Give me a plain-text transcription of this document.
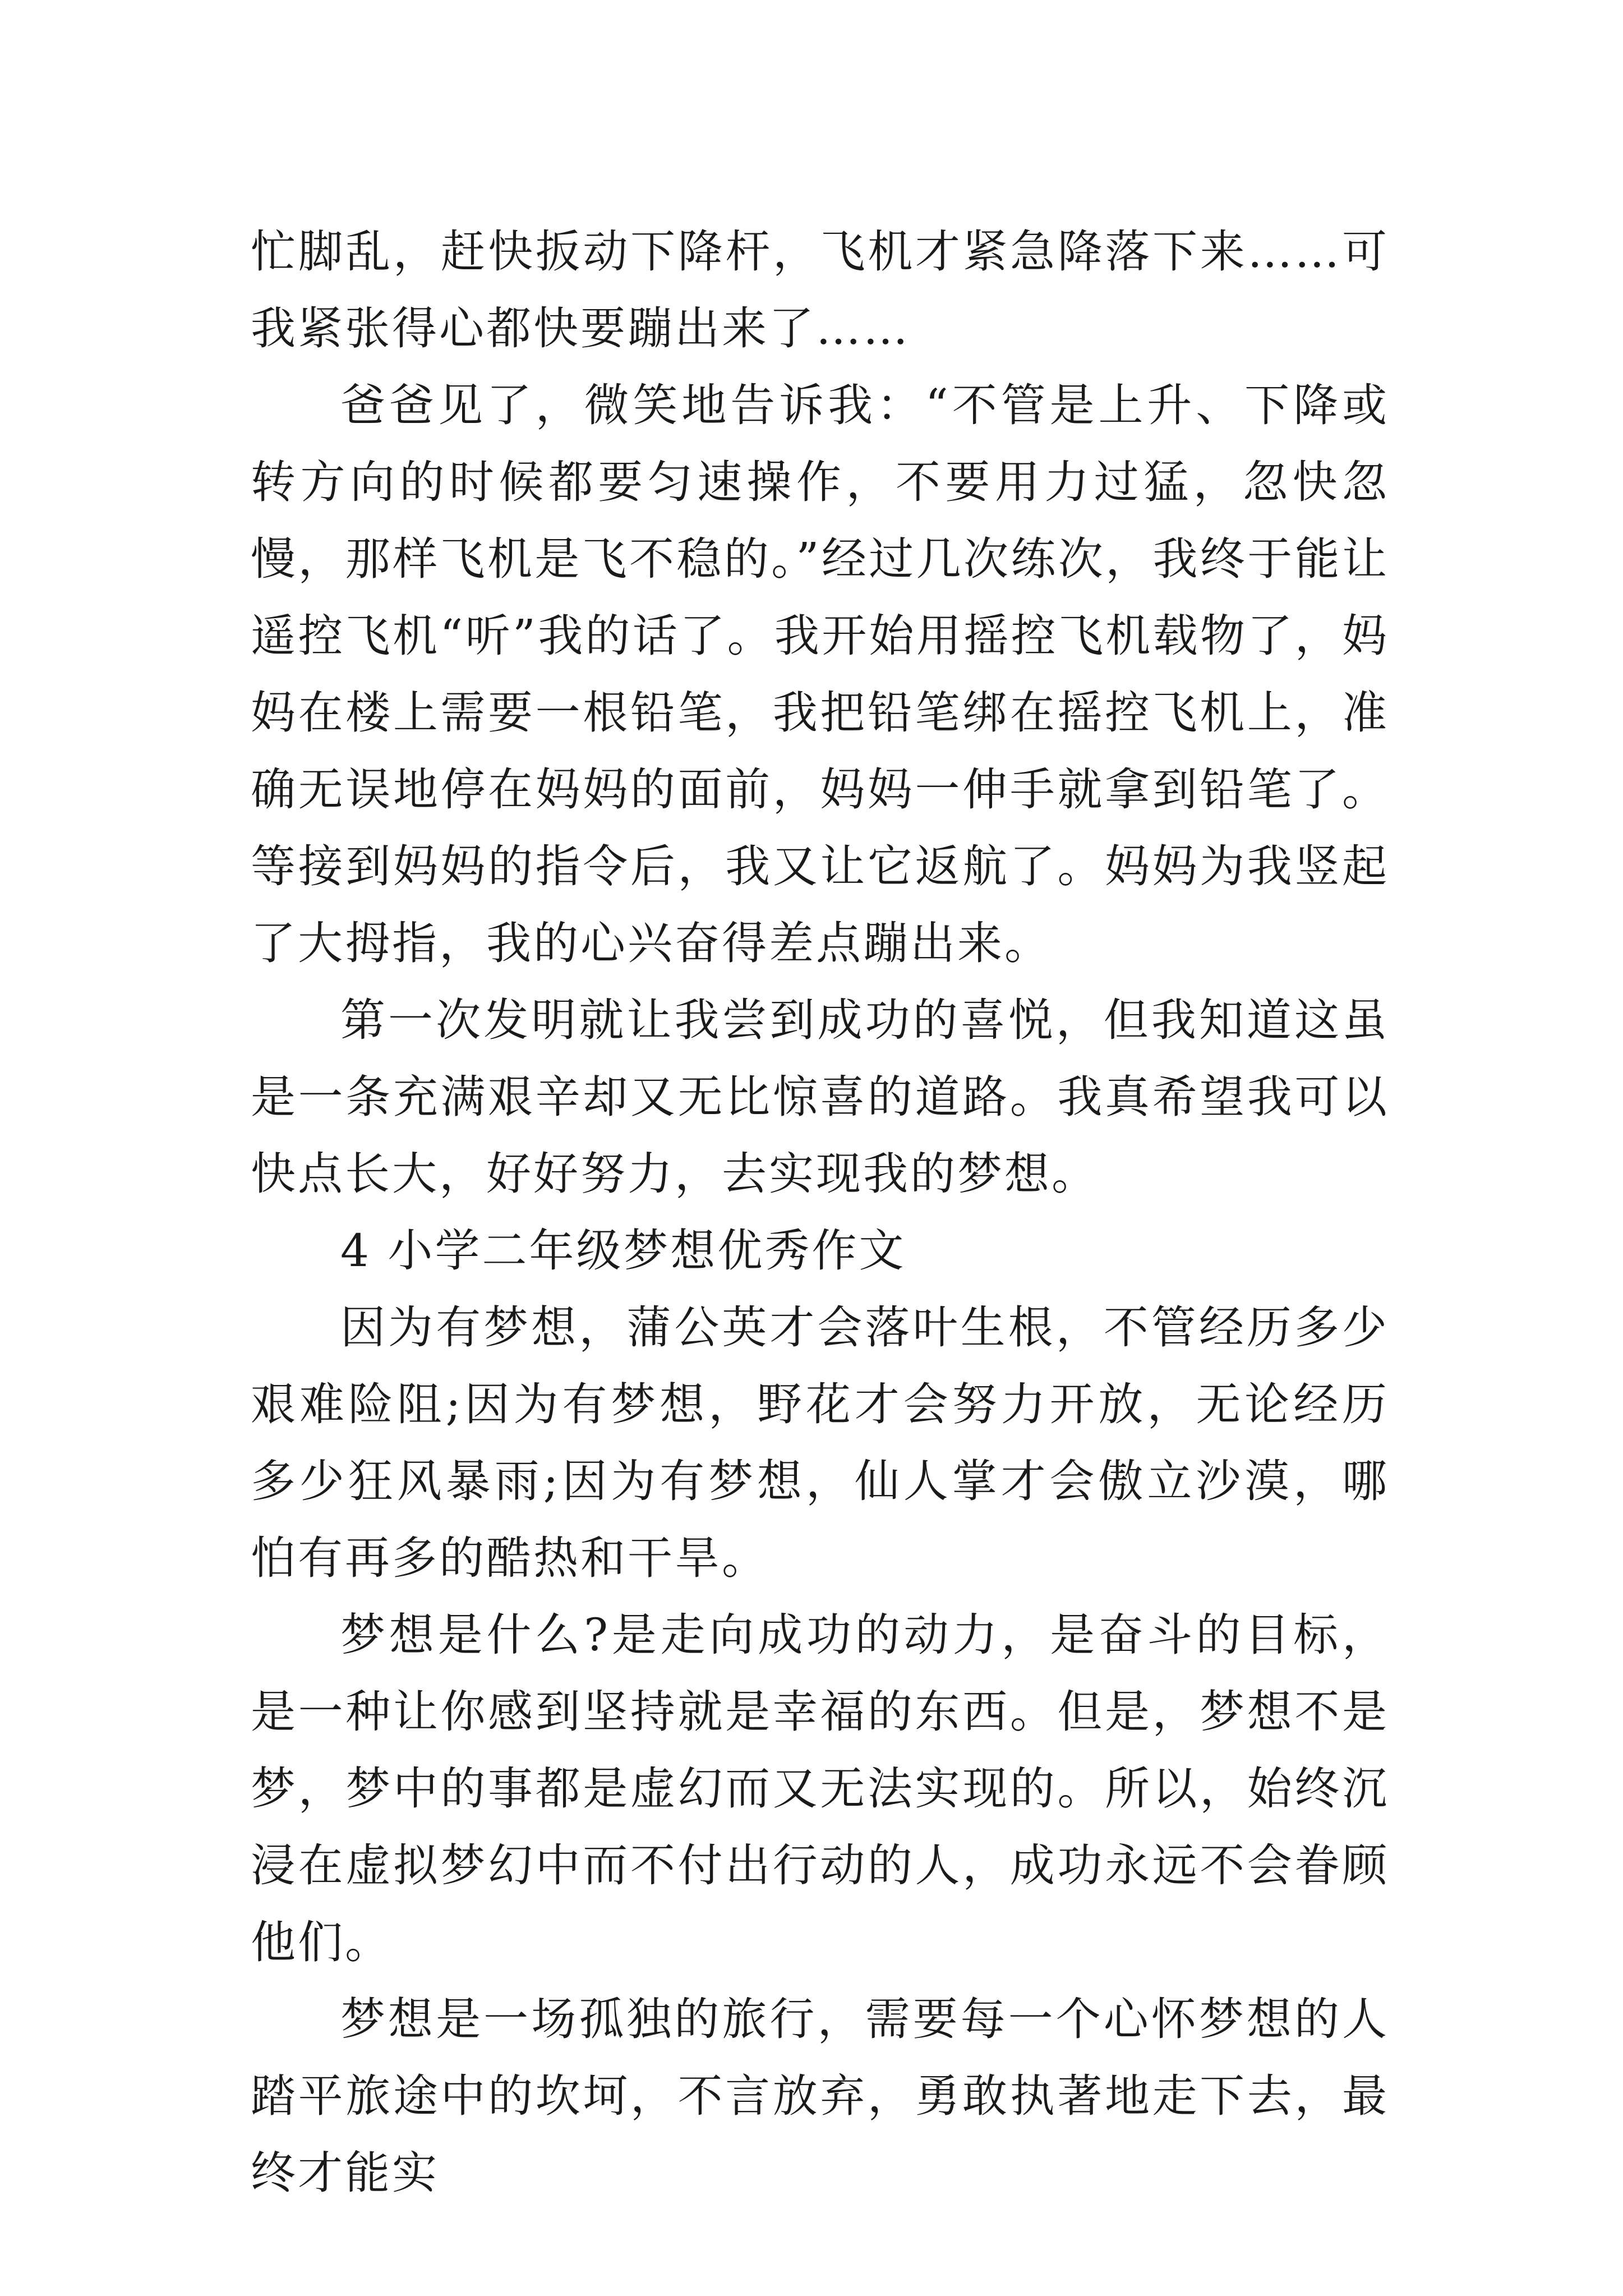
忙脚乱，赶快扳动下降杆，飞机才紧急降落下来……可我紧张得心都快要蹦出来了……

爸爸见了，微笑地告诉我：“不管是上升、下降或转方向的时候都要匀速操作，不要用力过猛，忽快忽慢，那样飞机是飞不稳的。”经过几次练次，我终于能让遥控飞机“听”我的话了。我开始用摇控飞机载物了，妈妈在楼上需要一根铅笔，我把铅笔绑在摇控飞机上，准确无误地停在妈妈的面前，妈妈一伸手就拿到铅笔了。等接到妈妈的指令后，我又让它返航了。妈妈为我竖起了大拇指，我的心兴奋得差点蹦出来。

第一次发明就让我尝到成功的喜悦，但我知道这虽是一条充满艰辛却又无比惊喜的道路。我真希望我可以快点长大，好好努力，去实现我的梦想。

4 小学二年级梦想优秀作文

因为有梦想，蒲公英才会落叶生根，不管经历多少艰难险阻;因为有梦想，野花才会努力开放，无论经历多少狂风暴雨;因为有梦想，仙人掌才会傲立沙漠，哪怕有再多的酷热和干旱。

梦想是什么?是走向成功的动力，是奋斗的目标，是一种让你感到坚持就是幸福的东西。但是，梦想不是梦，梦中的事都是虚幻而又无法实现的。所以，始终沉浸在虚拟梦幻中而不付出行动的人，成功永远不会眷顾他们。

梦想是一场孤独的旅行，需要每一个心怀梦想的人踏平旅途中的坎坷，不言放弃，勇敢执著地走下去，最终才能实
